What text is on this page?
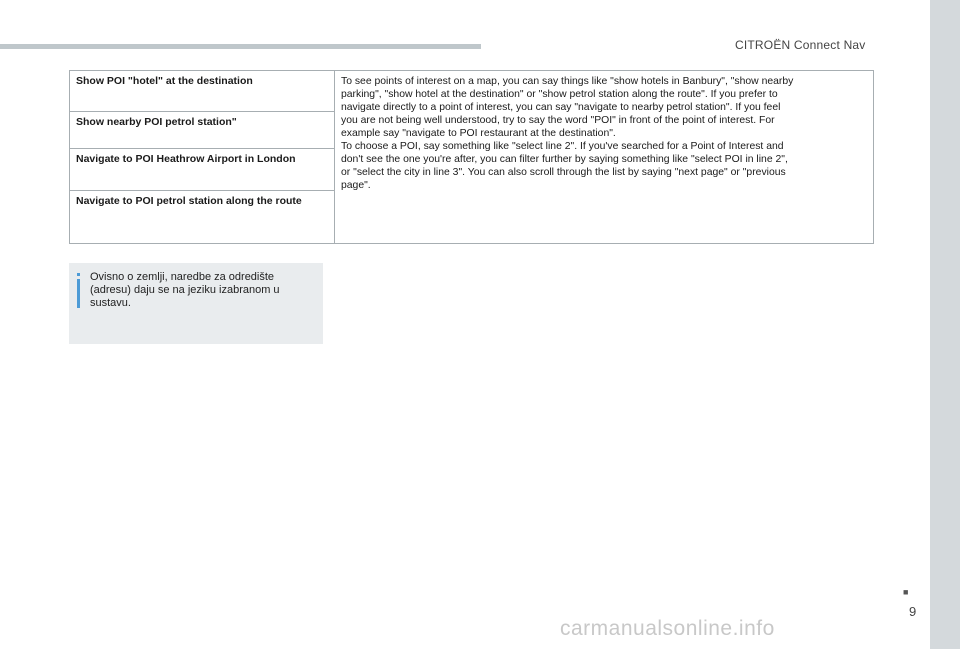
CITROËN Connect Nav
Show POI "hotel" at the destination	To see points of interest on a map, you can say things like "show hotels in Banbury", "show nearby
parking", "show hotel at the destination" or "show petrol station along the route". If you prefer to
navigate directly to a point of interest, you can say "navigate to nearby petrol station". If you feel
you are not being well understood, try to say the word "POI" in front of the point of interest. For
example say "navigate to POI restaurant at the destination".
To choose a POI, say something like "select line 2". If you've searched for a Point of Interest and
don't see the one you're after, you can filter further by saying something like "select POI in line 2",
or "select the city in line 3". You can also scroll through the list by saying "next page" or "previous
page".

Show nearby POI petrol station"
Navigate to POI Heathrow Airport in London
Navigate to POI petrol station along the route
Ovisno o zemlji, naredbe za odredište (adresu) daju se na jeziku izabranom u sustavu.
■
9
carmanualsonline.info
